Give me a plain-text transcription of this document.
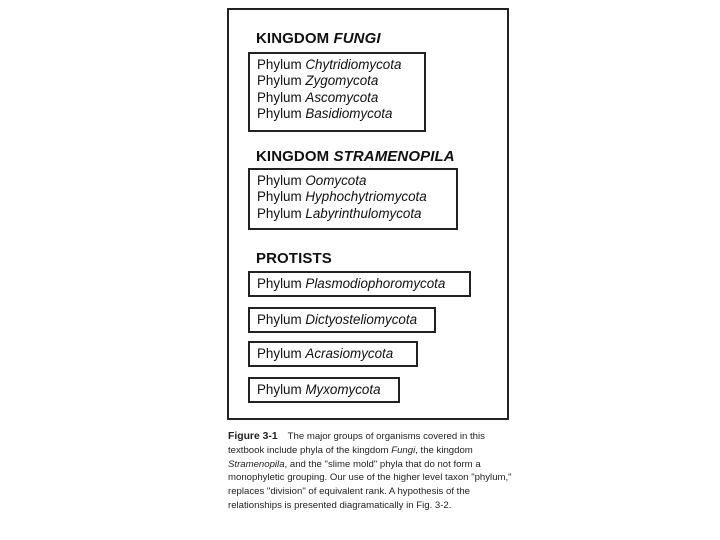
KINGDOM FUNGI
Phylum Chytridiomycota
Phylum Zygomycota
Phylum Ascomycota
Phylum Basidiomycota
KINGDOM STRAMENOPILA
Phylum Oomycota
Phylum Hyphochytriomycota
Phylum Labyrinthulomycota
PROTISTS
Phylum Plasmodiophoromycota
Phylum Dictyosteliomycota
Phylum Acrasiomycota
Phylum Myxomycota
Figure 3-1 The major groups of organisms covered in this textbook include phyla of the kingdom Fungi, the kingdom Stramenopila, and the "slime mold" phyla that do not form a monophyletic grouping. Our use of the higher level taxon "phylum," replaces "division" of equivalent rank. A hypothesis of the relationships is presented diagramatically in Fig. 3-2.
